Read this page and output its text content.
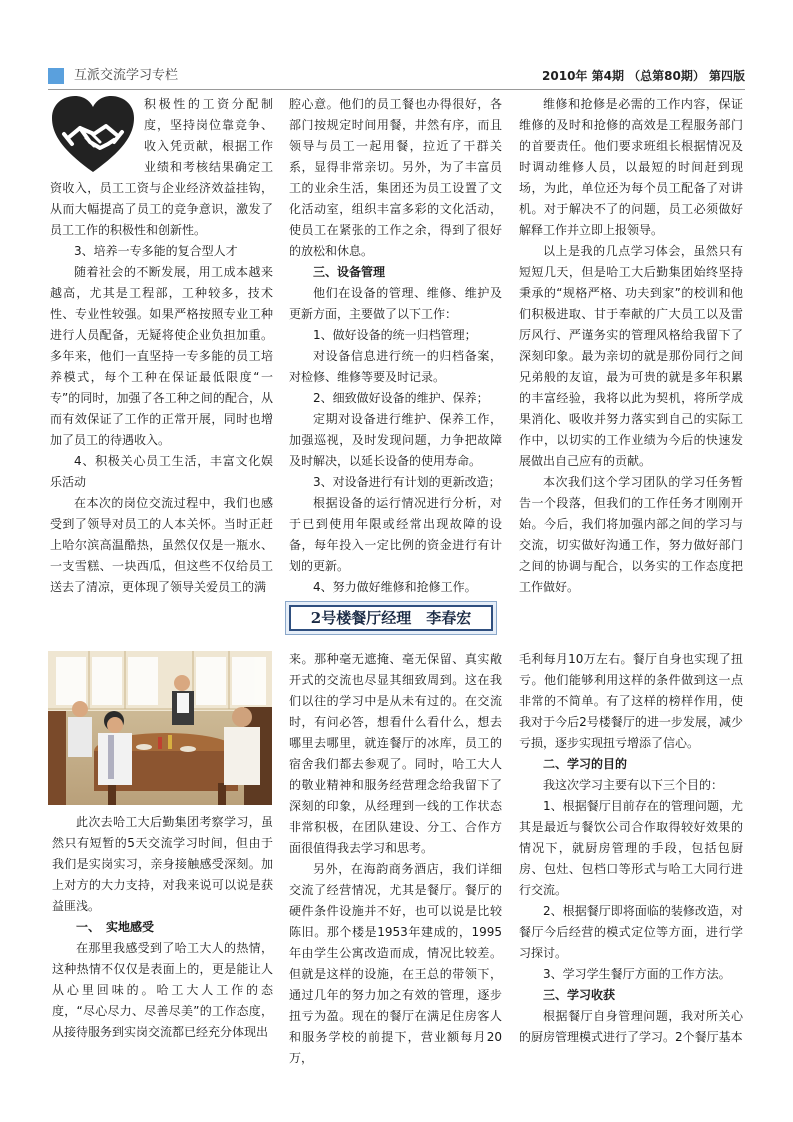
互派交流学习专栏	2010年 第4期 （总第80期） 第四版

积极性的工资分配制度，坚持岗位靠竞争、收入凭贡献，根据工作业绩和考核结果确定工资收入，员工工资与企业经济效益挂钩，从而大幅提高了员工的竞争意识，激发了员工工作的积极性和创新性。

3、培养一专多能的复合型人才

随着社会的不断发展，用工成本越来越高，尤其是工程部，工种较多，技术性、专业性较强。如果严格按照专业工种进行人员配备，无疑将使企业负担加重。多年来，他们一直坚持一专多能的员工培养模式，每个工种在保证最低限度“一专”的同时，加强了各工种之间的配合，从而有效保证了工作的正常开展，同时也增加了员工的待遇收入。

4、积极关心员工生活，丰富文化娱乐活动

在本次的岗位交流过程中，我们也感受到了领导对员工的人本关怀。当时正赶上哈尔滨高温酷热，虽然仅仅是一瓶水、一支雪糕、一块西瓜，但这些不仅给员工送去了清凉，更体现了领导关爱员工的满

腔心意。他们的员工餐也办得很好，各部门按规定时间用餐，井然有序，而且领导与员工一起用餐，拉近了干群关系，显得非常亲切。另外，为了丰富员工的业余生活，集团还为员工设置了文化活动室，组织丰富多彩的文化活动，使员工在紧张的工作之余，得到了很好的放松和休息。

三、设备管理

他们在设备的管理、维修、维护及更新方面，主要做了以下工作：

1、做好设备的统一归档管理；

对设备信息进行统一的归档备案，对检修、维修等要及时记录。

2、细致做好设备的维护、保养；

定期对设备进行维护、保养工作，加强巡视，及时发现问题，力争把故障及时解决，以延长设备的使用寿命。

3、对设备进行有计划的更新改造；

根据设备的运行情况进行分析，对于已到使用年限或经常出现故障的设备，每年投入一定比例的资金进行有计划的更新。

4、努力做好维修和抢修工作。

维修和抢修是必需的工作内容，保证维修的及时和抢修的高效是工程服务部门的首要责任。他们要求班组长根据情况及时调动维修人员，以最短的时间赶到现场，为此，单位还为每个员工配备了对讲机。对于解决不了的问题，员工必须做好解释工作并立即上报领导。

以上是我的几点学习体会，虽然只有短短几天，但是哈工大后勤集团始终坚持秉承的“规格严格、功夫到家”的校训和他们积极进取、甘于奉献的广大员工以及雷厉风行、严谨务实的管理风格给我留下了深刻印象。最为亲切的就是那份同行之间兄弟般的友谊，最为可贵的就是多年积累的丰富经验，我将以此为契机，将所学成果消化、吸收并努力落实到自己的实际工作中，以切实的工作业绩为今后的快速发展做出自己应有的贡献。

本次我们这个学习团队的学习任务暂告一个段落，但我们的工作任务才刚刚开始。今后，我们将加强内部之间的学习与交流，切实做好沟通工作，努力做好部门之间的协调与配合，以务实的工作态度把工作做好。

2号楼餐厅经理　李春宏

此次去哈工大后勤集团考察学习，虽然只有短暂的5天交流学习时间，但由于我们是实岗实习，亲身接触感受深刻。加上对方的大力支持，对我来说可以说是获益匪浅。

一、　实地感受

在那里我感受到了哈工大人的热情，这种热情不仅仅是表面上的，更是能让人从心里回味的。哈工大人工作的态度，“尽心尽力、尽善尽美”的工作态度，从接待服务到实岗交流都已经充分体现出

来。那种毫无遮掩、毫无保留、真实敞开式的交流也尽显其细致周到。这在我们以往的学习中是从未有过的。在交流时，有问必答，想看什么看什么，想去哪里去哪里，就连餐厅的冰库，员工的宿舍我们都去参观了。同时，哈工大人的敬业精神和服务经营理念给我留下了深刻的印象，从经理到一线的工作状态非常积极，在团队建设、分工、合作方面很值得我去学习和思考。

另外，在海韵商务酒店，我们详细交流了经营情况，尤其是餐厅。餐厅的硬件条件设施并不好，也可以说是比较陈旧。那个楼是1953年建成的，1995年由学生公寓改造而成，情况比较差。但就是这样的设施，在王总的带领下，通过几年的努力加之有效的管理，逐步扭亏为盈。现在的餐厅在满足住房客人和服务学校的前提下，营业额每月20万，

毛利每月10万左右。餐厅自身也实现了扭亏。他们能够利用这样的条件做到这一点非常的不简单。有了这样的榜样作用，使我对于今后2号楼餐厅的进一步发展，减少亏损，逐步实现扭亏增添了信心。

二、学习的目的

我这次学习主要有以下三个目的：

1、根据餐厅目前存在的管理问题，尤其是最近与餐饮公司合作取得较好效果的情况下，就厨房管理的手段，包括包厨房、包灶、包档口等形式与哈工大同行进行交流。

2、根据餐厅即将面临的装修改造，对餐厅今后经营的模式定位等方面，进行学习探讨。

3、学习学生餐厅方面的工作方法。

三、学习收获

根据餐厅自身管理问题，我对所关心的厨房管理模式进行了学习。2个餐厅基本
